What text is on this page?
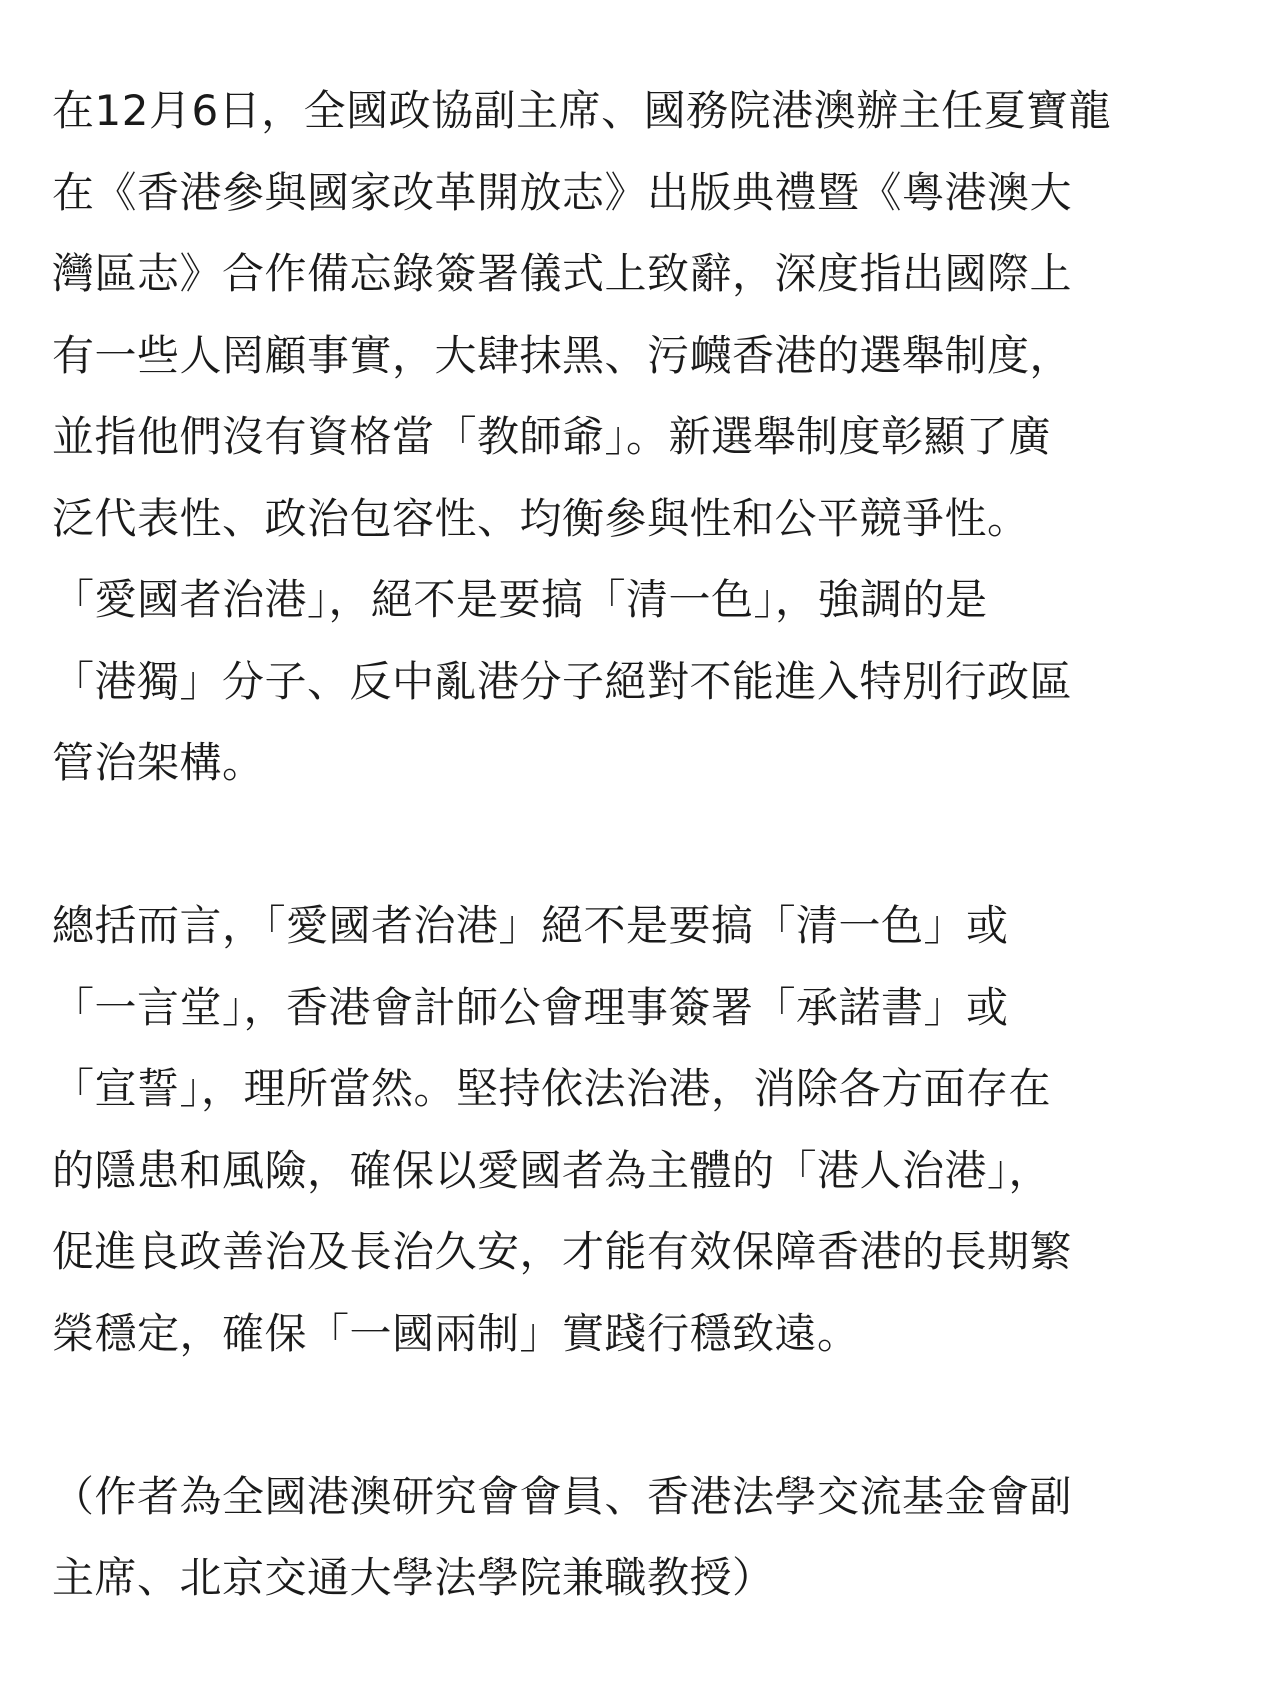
在12月6日，全國政協副主席、國務院港澳辦主任夏寶龍
在《香港參與國家改革開放志》出版典禮暨《粵港澳大
灣區志》合作備忘錄簽署儀式上致辭，深度指出國際上
有一些人罔顧事實，大肆抹黑、污衊香港的選舉制度，
並指他們沒有資格當「教師爺」。新選舉制度彰顯了廣
泛代表性、政治包容性、均衡參與性和公平競爭性。
「愛國者治港」，絕不是要搞「清一色」，強調的是
「港獨」分子、反中亂港分子絕對不能進入特別行政區
管治架構。

總括而言，「愛國者治港」絕不是要搞「清一色」或
「一言堂」，香港會計師公會理事簽署「承諾書」或
「宣誓」，理所當然。堅持依法治港，消除各方面存在
的隱患和風險，確保以愛國者為主體的「港人治港」，
促進良政善治及長治久安，才能有效保障香港的長期繁
榮穩定，確保「一國兩制」實踐行穩致遠。

（作者為全國港澳研究會會員、香港法學交流基金會副
主席、北京交通大學法學院兼職教授）
